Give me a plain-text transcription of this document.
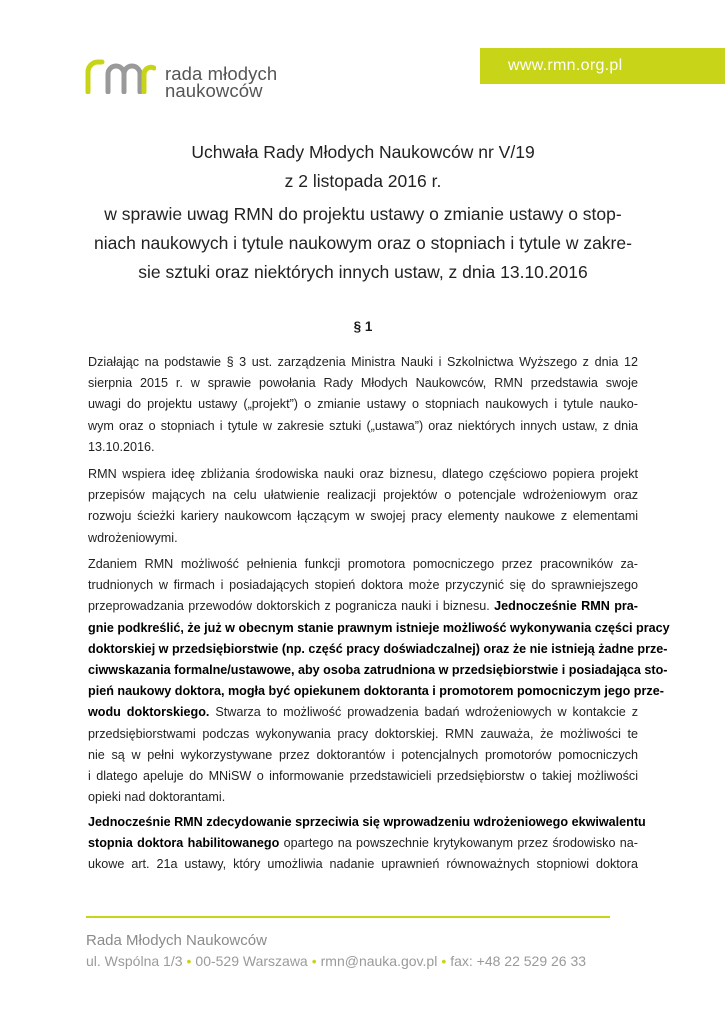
rada młodych
naukowców
www.rmn.org.pl
Uchwała Rady Młodych Naukowców nr V/19
z 2 listopada 2016 r.
w sprawie uwag RMN do projektu ustawy o zmianie ustawy o stop-
niach naukowych i tytule naukowym oraz o stopniach i tytule w zakre-
sie sztuki oraz niektórych innych ustaw, z dnia 13.10.2016
§ 1
Działając na podstawie § 3 ust. zarządzenia Ministra Nauki i Szkolnictwa Wyższego z dnia 12
sierpnia 2015 r. w sprawie powołania Rady Młodych Naukowców, RMN przedstawia swoje
uwagi do projektu ustawy („projekt”) o zmianie ustawy o stopniach naukowych i tytule nauko-
wym oraz o stopniach i tytule w zakresie sztuki („ustawa”) oraz niektórych innych ustaw, z dnia
13.10.2016.
RMN wspiera ideę zbliżania środowiska nauki oraz biznesu, dlatego częściowo popiera projekt
przepisów mających na celu ułatwienie realizacji projektów o potencjale wdrożeniowym oraz
rozwoju ścieżki kariery naukowcom łączącym w swojej pracy elementy naukowe z elementami
wdrożeniowymi.
Zdaniem RMN możliwość pełnienia funkcji promotora pomocniczego przez pracowników za-
trudnionych w firmach i posiadających stopień doktora może przyczynić się do sprawniejszego
przeprowadzania przewodów doktorskich z pogranicza nauki i biznesu. Jednocześnie RMN pra-
gnie podkreślić, że już w obecnym stanie prawnym istnieje możliwość wykonywania części pracy
doktorskiej w przedsiębiorstwie (np. część pracy doświadczalnej) oraz że nie istnieją żadne prze-
ciwwskazania formalne/ustawowe, aby osoba zatrudniona w przedsiębiorstwie i posiadająca sto-
pień naukowy doktora, mogła być opiekunem doktoranta i promotorem pomocniczym jego prze-
wodu doktorskiego. Stwarza to możliwość prowadzenia badań wdrożeniowych w kontakcie z
przedsiębiorstwami podczas wykonywania pracy doktorskiej. RMN zauważa, że możliwości te
nie są w pełni wykorzystywane przez doktorantów i potencjalnych promotorów pomocniczych
i dlatego apeluje do MNiSW o informowanie przedstawicieli przedsiębiorstw o takiej możliwości
opieki nad doktorantami.
Jednocześnie RMN zdecydowanie sprzeciwia się wprowadzeniu wdrożeniowego ekwiwalentu
stopnia doktora habilitowanego opartego na powszechnie krytykowanym przez środowisko na-
ukowe art. 21a ustawy, który umożliwia nadanie uprawnień równoważnych stopniowi doktora
Rada Młodych Naukowców
ul. Wspólna 1/3 • 00-529 Warszawa • rmn@nauka.gov.pl • fax: +48 22 529 26 33
